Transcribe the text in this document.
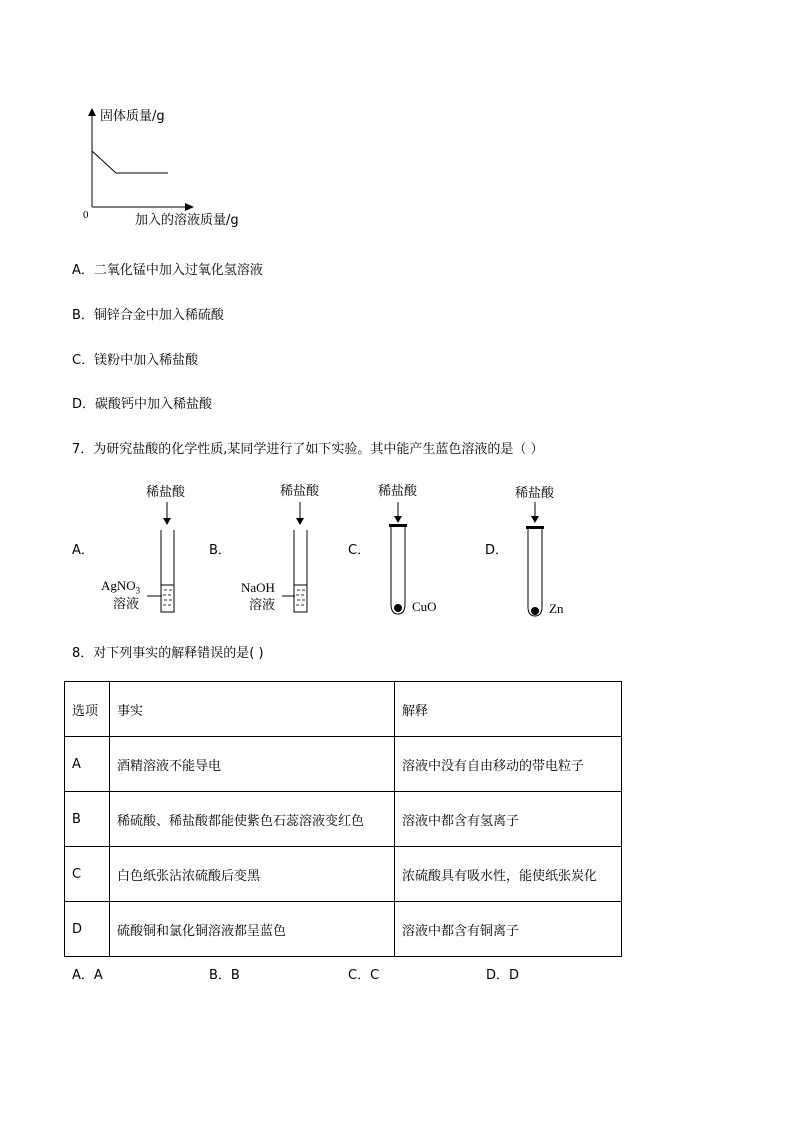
固体质量/g
0	加入的溶液质量/g
A．二氧化锰中加入过氧化氢溶液
B．铜锌合金中加入稀硫酸
C．镁粉中加入稀盐酸
D．碳酸钙中加入稀盐酸
7．为研究盐酸的化学性质,某同学进行了如下实验。其中能产生蓝色溶液的是（ ）
稀盐酸	稀盐酸	稀盐酸	稀盐酸
A．	B．	C．	D．
AgNO$_3$
溶液
NaOH
溶液	CuO	Zn
8．对下列事实的解释错误的是( )
选项	事实	解释
A	酒精溶液不能导电	溶液中没有自由移动的带电粒子
B	稀硫酸、稀盐酸都能使紫色石蕊溶液变红色	溶液中都含有氢离子
C	白色纸张沾浓硫酸后变黑	浓硫酸具有吸水性，能使纸张炭化
D	硫酸铜和氯化铜溶液都呈蓝色	溶液中都含有铜离子
A．A	B．B	C．C	D．D
